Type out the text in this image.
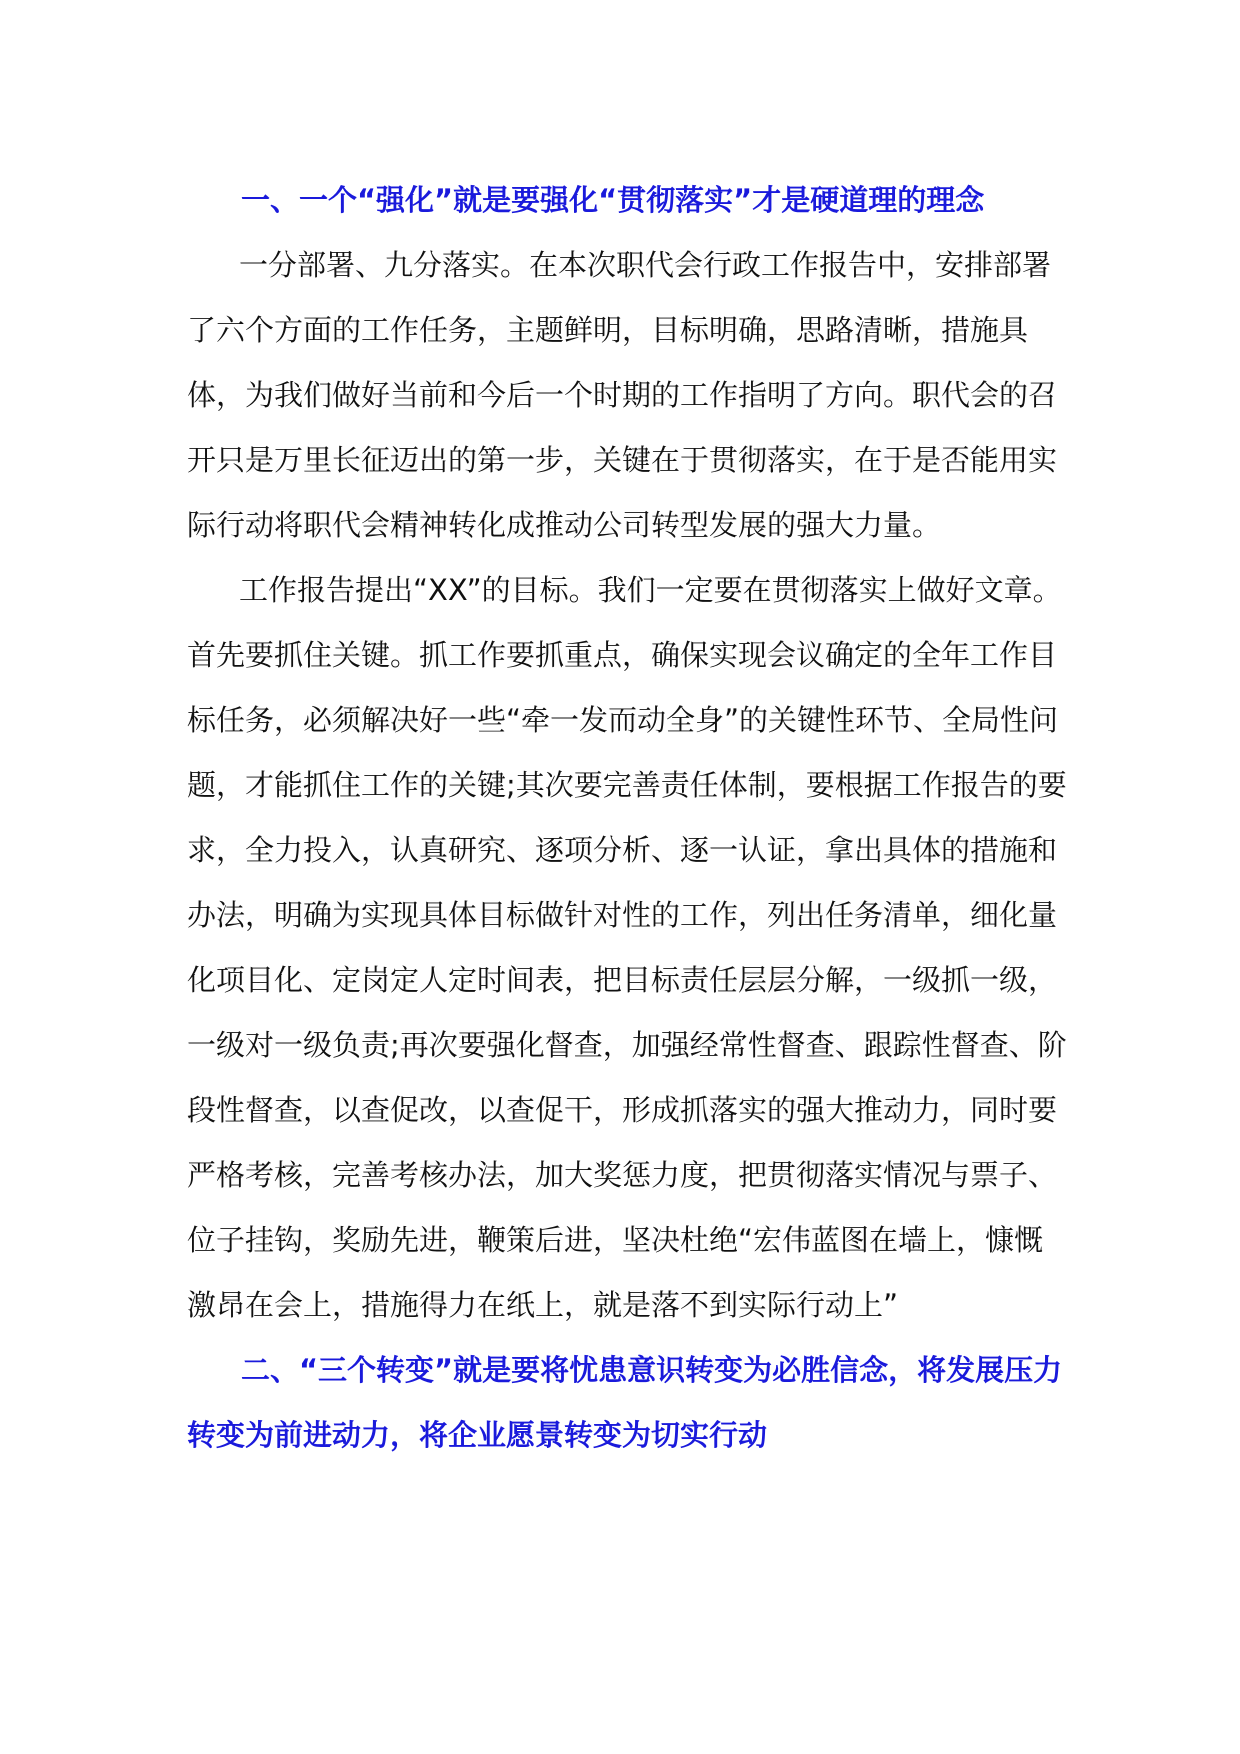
一、一个“强化”就是要强化“贯彻落实”才是硬道理的理念

一分部署、九分落实。在本次职代会行政工作报告中，安排部署了六个方面的工作任务，主题鲜明，目标明确，思路清晰，措施具体，为我们做好当前和今后一个时期的工作指明了方向。职代会的召开只是万里长征迈出的第一步，关键在于贯彻落实，在于是否能用实际行动将职代会精神转化成推动公司转型发展的强大力量。

工作报告提出“XX”的目标。我们一定要在贯彻落实上做好文章。首先要抓住关键。抓工作要抓重点，确保实现会议确定的全年工作目标任务，必须解决好一些“牵一发而动全身”的关键性环节、全局性问题，才能抓住工作的关键;其次要完善责任体制，要根据工作报告的要求，全力投入，认真研究、逐项分析、逐一认证，拿出具体的措施和办法，明确为实现具体目标做针对性的工作，列出任务清单，细化量化项目化、定岗定人定时间表，把目标责任层层分解，一级抓一级，一级对一级负责;再次要强化督查，加强经常性督查、跟踪性督查、阶段性督查，以查促改，以查促干，形成抓落实的强大推动力，同时要严格考核，完善考核办法，加大奖惩力度，把贯彻落实情况与票子、位子挂钩，奖励先进，鞭策后进，坚决杜绝“宏伟蓝图在墙上，慷慨激昂在会上，措施得力在纸上，就是落不到实际行动上”

二、“三个转变”就是要将忧患意识转变为必胜信念，将发展压力转变为前进动力，将企业愿景转变为切实行动
